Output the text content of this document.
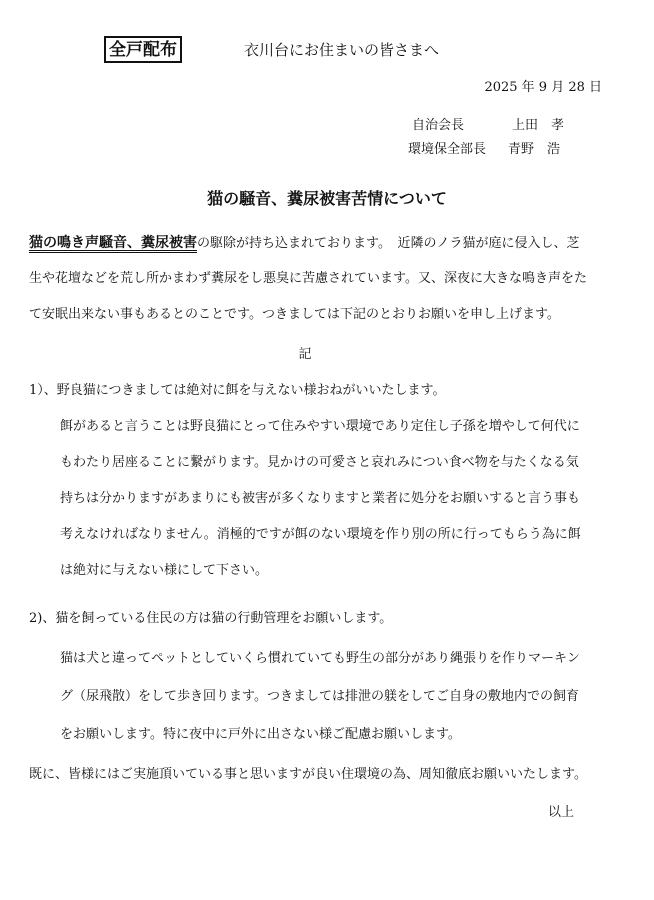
全戸配布	衣川台にお住まいの皆さまへ
2025 年 9 月 28 日
自治会長	上田　孝
環境保全部長 青野　浩
猫の騒音、糞尿被害苦情について
猫の鳴き声騒音、糞尿被害の駆除が持ち込まれております。　近隣のノラ猫が庭に侵入し、芝
生や花壇などを荒し所かまわず糞尿をし悪臭に苦慮されています。又、深夜に大きな鳴き声をた
て安眠出来ない事もあるとのことです。つきましては下記のとおりお願いを申し上げます。
記
1）、野良猫につきましては絶対に餌を与えない様おねがいいたします。
餌があると言うことは野良猫にとって住みやすい環境であり定住し子孫を増やして何代に
もわたり居座ることに繋がります。見かけの可愛さと哀れみについ食べ物を与たくなる気
持ちは分かりますがあまりにも被害が多くなりますと業者に処分をお願いすると言う事も
考えなければなりません。消極的ですが餌のない環境を作り別の所に行ってもらう為に餌
は絶対に与えない様にして下さい。
2)、猫を飼っている住民の方は猫の行動管理をお願いします。
猫は犬と違ってペットとしていくら慣れていても野生の部分があり縄張りを作りマーキン
グ（尿飛散）をして歩き回ります。つきましては排泄の躾をしてご自身の敷地内での飼育
をお願いします。特に夜中に戸外に出さない様ご配慮お願いします。
既に、皆様にはご実施頂いている事と思いますが良い住環境の為、周知徹底お願いいたします。
以上
